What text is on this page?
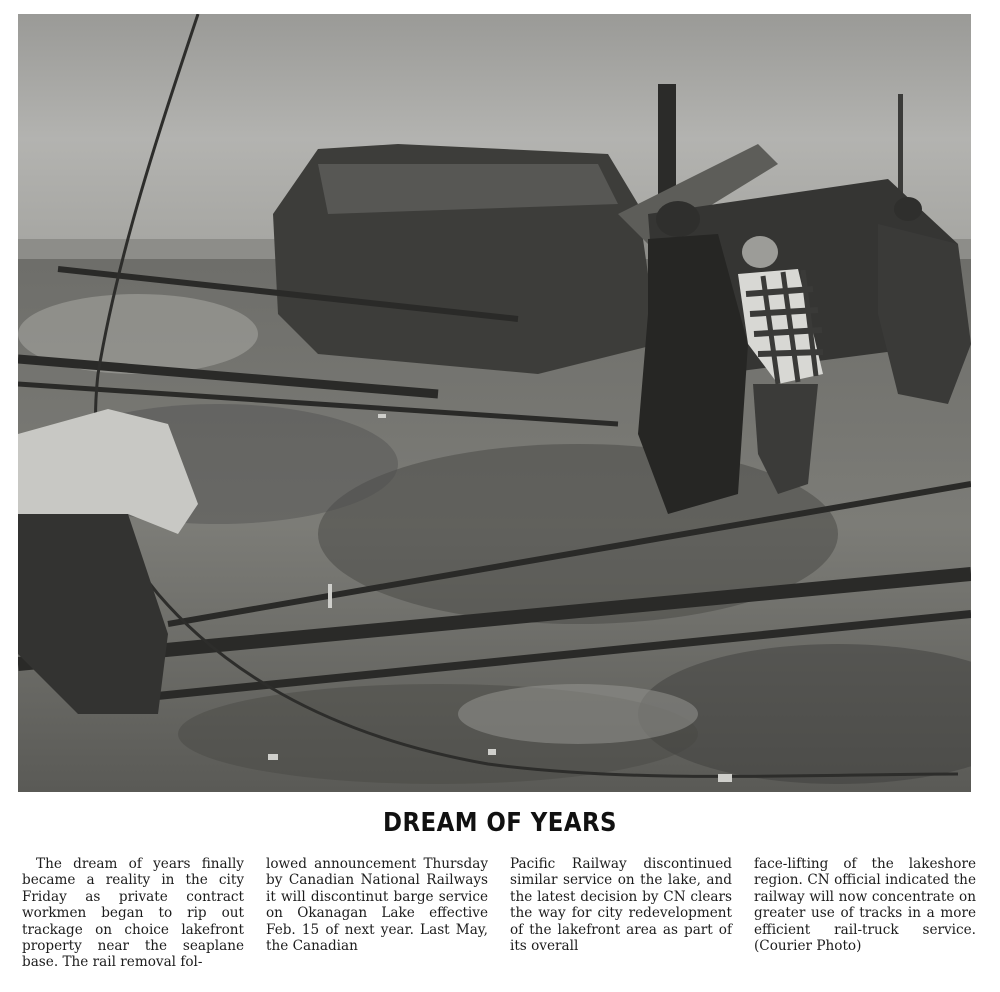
DREAM OF YEARS

The dream of years finally became a reality in the city Friday as private contract workmen began to rip out trackage on choice lakefront property near the seaplane base. The rail removal fol-

lowed announcement Thursday by Canadian National Railways it will discontinut barge service on Okanagan Lake effective Feb. 15 of next year. Last May, the Canadian

Pacific Railway discontinued similar service on the lake, and the latest decision by CN clears the way for city redevelopment of the lakefront area as part of its overall

face-lifting of the lakeshore region. CN official indicated the railway will now concentrate on greater use of tracks in a more efficient rail-truck service. (Courier Photo)
